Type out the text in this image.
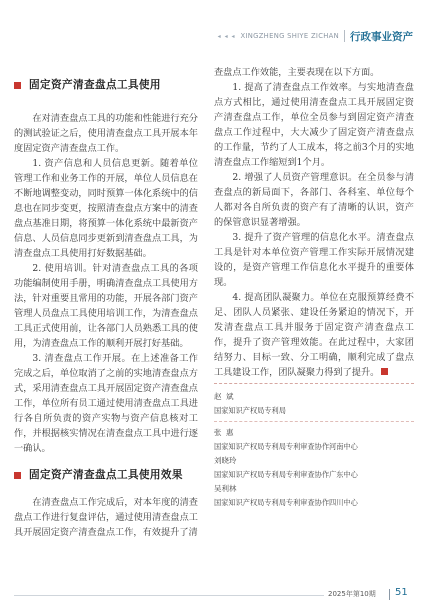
◂ ◂ ◂ XINGZHENG SHIYE ZICHAN 行政事业资产
固定资产清查盘点工具使用

在对清查盘点工具的功能和性能进行充分的测试验证之后，使用清查盘点工具开展本年度固定资产清查盘点工作。

1. 资产信息和人员信息更新。随着单位管理工作和业务工作的开展，单位人员信息在不断地调整变动，同时预算一体化系统中的信息也在同步变更，按照清查盘点方案中的清查盘点基准日期，将预算一体化系统中最新资产信息、人员信息同步更新到清查盘点工具，为清查盘点工具使用打好数据基础。

2. 使用培训。针对清查盘点工具的各项功能编制使用手册，明确清查盘点工具使用方法，针对重要且常用的功能，开展各部门资产管理人员盘点工具使用培训工作，为清查盘点工具正式使用前，让各部门人员熟悉工具的使用，为清查盘点工作的顺利开展打好基础。

3. 清查盘点工作开展。在上述准备工作完成之后，单位取消了之前的实地清查盘点方式，采用清查盘点工具开展固定资产清查盘点工作，单位所有员工通过使用清查盘点工具进行各自所负责的资产实物与资产信息核对工作，并根据核实情况在清查盘点工具中进行逐一确认。

固定资产清查盘点工具使用效果

在清查盘点工作完成后，对本年度的清查盘点工作进行复盘评估，通过使用清查盘点工具开展固定资产清查盘点工作，有效提升了清

查盘点工作效能，主要表现在以下方面。

1. 提高了清查盘点工作效率。与实地清查盘点方式相比，通过使用清查盘点工具开展固定资产清查盘点工作，单位全员参与到固定资产清查盘点工作过程中，大大减少了固定资产清查盘点的工作量，节约了人工成本，将之前3个月的实地清查盘点工作缩短到1个月。

2. 增强了人员资产管理意识。在全员参与清查盘点的新局面下，各部门、各科室、单位每个人都对各自所负责的资产有了清晰的认识，资产的保管意识显著增强。

3. 提升了资产管理的信息化水平。清查盘点工具是针对本单位资产管理工作实际开展情况建设的，是资产管理工作信息化水平提升的重要体现。

4. 提高团队凝聚力。单位在克服预算经费不足、团队人员紧张、建设任务紧迫的情况下，开发清查盘点工具并服务于固定资产清查盘点工作，提升了资产管理效能。在此过程中，大家团结努力、目标一致、分工明确，顺利完成了盘点工具建设工作，团队凝聚力得到了提升。

赵 斌
国家知识产权局专利局
张 惠
国家知识产权局专利局专利审查协作河南中心
刘晓玲
国家知识产权局专利局专利审查协作广东中心
吴利林
国家知识产权局专利局专利审查协作四川中心
2025年第10期 51
